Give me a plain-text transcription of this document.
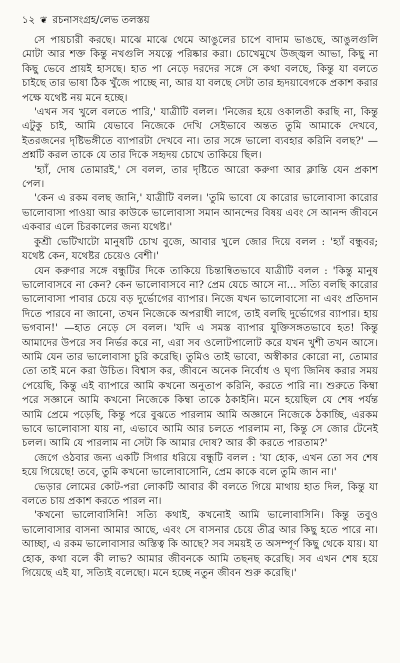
১২ ❦ রচনাসংগ্রহ/লেভ তলস্তয়

সে পায়চারী করছে। মাঝে মাঝে থেমে আঙুলের চাপে বাদাম ভাঙছে, আঙুলগুলি মোটা আর শক্ত কিন্তু নখগুলি সযত্নে পরিষ্কার করা। চোখেমুখে উজ্জ্বল আভা, কিছু না কিছু ভেবে প্রায়ই হাসছে। হাত পা নেড়ে দরদের সঙ্গে সে কথা বলছে, কিন্তু যা বলতে চাইছে তার ভাষা ঠিক খুঁজে পাচ্ছে না, আর যা বলছে সেটা তার হৃদয়াবেগকে প্রকাশ করার পক্ষে যথেষ্ট নয় মনে হচ্ছে।

'এখন সব খুলে বলতে পারি,' যাত্রীটি বলল। 'নিজের হয়ে ওকালতী করছি না, কিন্তু এটুকু চাই, আমি যেভাবে নিজেকে দেখি সেইভাবে অন্তত তুমি আমাকে দেখবে, ইতরজনের দৃষ্টিভঙ্গীতে ব্যাপারটা দেখবে না। তার সঙ্গে ভালো ব্যবহার করিনি বলছ?' —প্রশ্নটি করল তাকে যে তার দিকে সহৃদয় চোখে তাকিয়ে ছিল।

'হ্যাঁ, দোষ তোমারই,' সে বলল, তার দৃষ্টিতে আরো করুণা আর ক্লান্তি যেন প্রকাশ পেল।

'কেন এ রকম বলছ জানি,' যাত্রীটি বলল। 'তুমি ভাবো যে কারোর ভালোবাসা কারোর ভালোবাসা পাওয়া আর কাউকে ভালোবাসা সমান আনন্দের বিষয় এবং সে আনন্দ জীবনে একবার এলে চিরকালের জন্য যথেষ্ট।'

কুশ্রী ভেটিখাটো মানুষটি চোখ বুজে, আবার খুলে জোর দিয়ে বলল : 'হ্যাঁ বন্ধুবর; যথেষ্ট কেন, যথেষ্টর চেয়েও বেশী।'

যেন করুণার সঙ্গে বন্ধুটির দিকে তাকিয়ে চিন্তান্বিতভাবে যাত্রীটি বলল : 'কিন্তু মানুষ ভালোবাসবে না কেন? কেন ভালোবাসবে না? প্রেম যেচে আসে না... সত্যি বলছি কারোর ভালোবাসা পাবার চেয়ে বড় দুর্ভোগের ব্যাপার। নিজে যখন ভালোবাসো না এবং প্রতিদান দিতে পারবে না জানো, তখন নিজেকে অপরাধী লাগে, তাই বলছি দুর্ভোগের ব্যাপার। হায় ভগবান!' —হাত নেড়ে সে বলল। 'যদি এ সমস্ত ব্যাপার যুক্তিসঙ্গতভাবে হত! কিন্তু আমাদের উপরে সব নির্ভর করে না, এরা সব ওলোটপালোট করে যখন খুশী তখন আসে। আমি যেন তার ভালোবাসা চুরি করেছি। তুমিও তাই ভাবো, অস্বীকার কোরো না, তোমার তো তাই মনে করা উচিত। বিশ্বাস কর, জীবনে অনেক নির্বোধ ও ঘৃণ্য জিনিষ করার সময় পেয়েছি, কিন্তু এই ব্যাপারে আমি কখনো অনুতাপ করিনি, করতে পারি না। শুরুতে কিম্বা পরে সজ্ঞানে আমি কখনো নিজেকে কিম্বা তাকে ঠকাইনি। মনে হয়েছিল যে শেষ পর্যন্ত আমি প্রেমে পড়েছি, কিন্তু পরে বুঝতে পারলাম আমি অজ্ঞানে নিজেকে ঠকাচ্ছি, এরকম ভাবে ভালোবাসা যায় না, এভাবে আমি আর চলতে পারলাম না, কিন্তু সে জোর টেনেই চলল। আমি যে পারলাম না সেটা কি আমার দোষ? আর কী করতে পারতাম?'

জেগে ওঠবার জন্য একটি সিগার ধরিয়ে বন্ধুটি বলল : 'যা হোক, এখন তো সব শেষ হয়ে গিয়েছে! তবে, তুমি কখনো ভালোবাসোনি, প্রেম কাকে বলে তুমি জান না।'

ভেড়ার লোমের কোট-পরা লোকটি আবার কী বলতে গিয়ে মাথায় হাত দিল, কিন্তু যা বলতে চায় প্রকাশ করতে পারল না।

'কখনো ভালোবাসিনি! সত্যি কথাই, কখনোই আমি ভালোবাসিনি। কিন্তু তবুও ভালোবাসার বাসনা আমার আছে, এবং সে বাসনার চেয়ে তীব্র আর কিছু হতে পারে না। আচ্ছা, এ রকম ভালোবাসার অস্তিত্ব কি আছে? সব সময়ই ত অসম্পূর্ণ কিছু থেকে যায়। যা হোক, কথা বলে কী লাভ? আমার জীবনকে আমি তছনছ করেছি। সব এখন শেষ হয়ে গিয়েছে এই যা, সত্যিই বলেছো। মনে হচ্ছে নতুন জীবন শুরু করেছি।'
